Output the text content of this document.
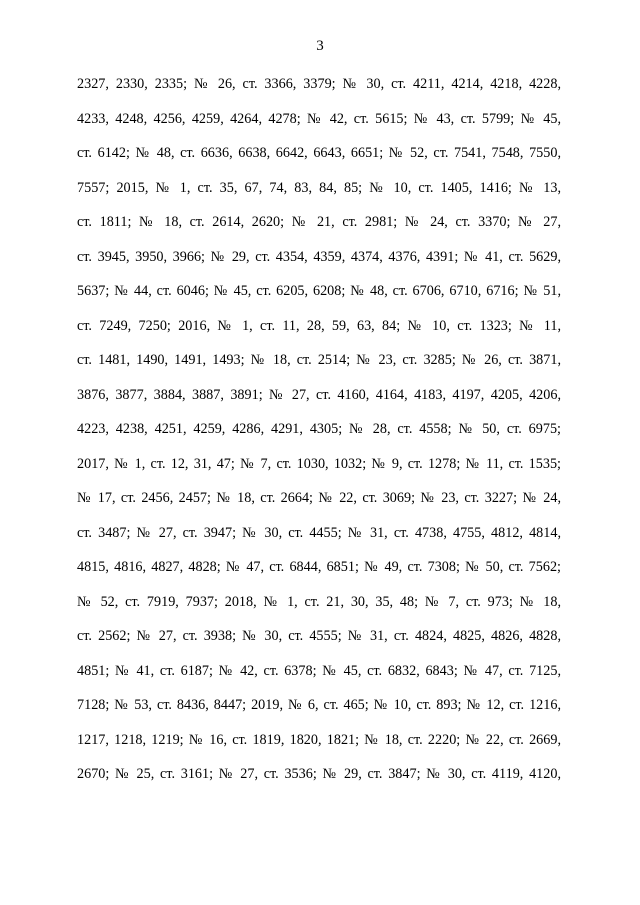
3
2327, 2330, 2335; № 26, ст. 3366, 3379; № 30, ст. 4211, 4214, 4218, 4228,
4233, 4248, 4256, 4259, 4264, 4278; № 42, ст. 5615; № 43, ст. 5799; № 45,
ст. 6142; № 48, ст. 6636, 6638, 6642, 6643, 6651; № 52, ст. 7541, 7548, 7550,
7557; 2015, № 1, ст. 35, 67, 74, 83, 84, 85; № 10, ст. 1405, 1416; № 13,
ст. 1811; № 18, ст. 2614, 2620; № 21, ст. 2981; № 24, ст. 3370; № 27,
ст. 3945, 3950, 3966; № 29, ст. 4354, 4359, 4374, 4376, 4391; № 41, ст. 5629,
5637; № 44, ст. 6046; № 45, ст. 6205, 6208; № 48, ст. 6706, 6710, 6716; № 51,
ст. 7249, 7250; 2016, № 1, ст. 11, 28, 59, 63, 84; № 10, ст. 1323; № 11,
ст. 1481, 1490, 1491, 1493; № 18, ст. 2514; № 23, ст. 3285; № 26, ст. 3871,
3876, 3877, 3884, 3887, 3891; № 27, ст. 4160, 4164, 4183, 4197, 4205, 4206,
4223, 4238, 4251, 4259, 4286, 4291, 4305; № 28, ст. 4558; № 50, ст. 6975;
2017, № 1, ст. 12, 31, 47; № 7, ст. 1030, 1032; № 9, ст. 1278; № 11, ст. 1535;
№ 17, ст. 2456, 2457; № 18, ст. 2664; № 22, ст. 3069; № 23, ст. 3227; № 24,
ст. 3487; № 27, ст. 3947; № 30, ст. 4455; № 31, ст. 4738, 4755, 4812, 4814,
4815, 4816, 4827, 4828; № 47, ст. 6844, 6851; № 49, ст. 7308; № 50, ст. 7562;
№ 52, ст. 7919, 7937; 2018, № 1, ст. 21, 30, 35, 48; № 7, ст. 973; № 18,
ст. 2562; № 27, ст. 3938; № 30, ст. 4555; № 31, ст. 4824, 4825, 4826, 4828,
4851; № 41, ст. 6187; № 42, ст. 6378; № 45, ст. 6832, 6843; № 47, ст. 7125,
7128; № 53, ст. 8436, 8447; 2019, № 6, ст. 465; № 10, ст. 893; № 12, ст. 1216,
1217, 1218, 1219; № 16, ст. 1819, 1820, 1821; № 18, ст. 2220; № 22, ст. 2669,
2670; № 25, ст. 3161; № 27, ст. 3536; № 29, ст. 3847; № 30, ст. 4119, 4120,
